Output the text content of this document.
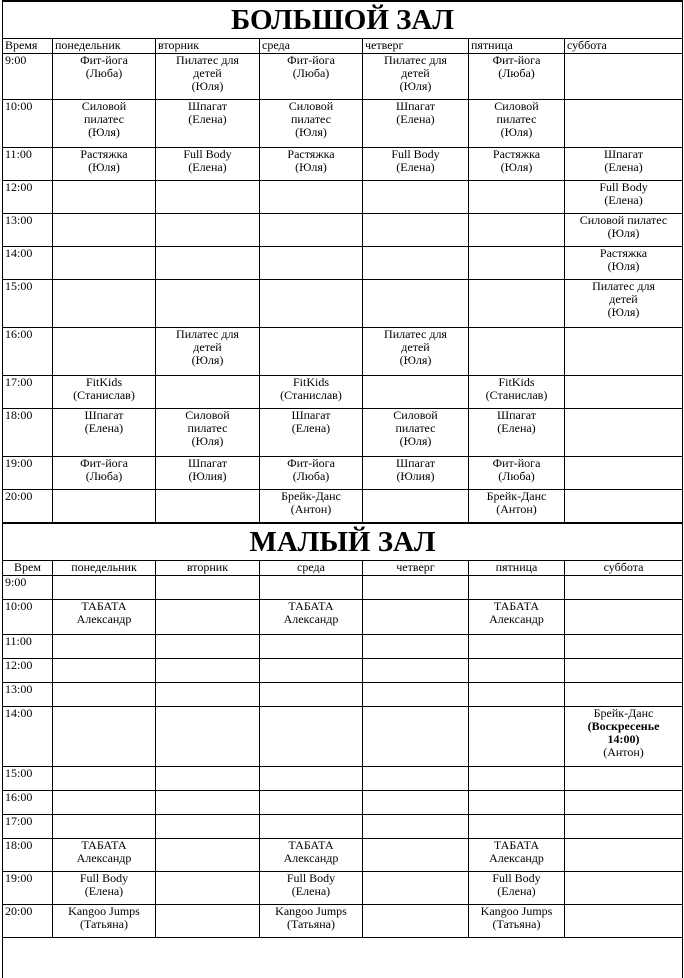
БОЛЬШОЙ ЗАЛ						
Время	понедельник	вторник	среда	четверг	пятница	суббота
9:00	Фит-йога
(Люба)	Пилатес для
детей
(Юля)	Фит-йога
(Люба)	Пилатес для
детей
(Юля)	Фит-йога
(Люба)	

10:00	Силовой
пилатес
(Юля)	Шпагат
(Елена)	Силовой
пилатес
(Юля)	Шпагат
(Елена)	Силовой
пилатес
(Юля)	

11:00	Растяжка
(Юля)	Full Body
(Елена)	Растяжка
(Юля)	Full Body
(Елена)	Растяжка
(Юля)	Шпагат
(Елена)

12:00						Full Body
(Елена)

13:00						Силовой пилатес
(Юля)

14:00						Растяжка
(Юля)

15:00						Пилатес для
детей
(Юля)

16:00		Пилатес для
детей
(Юля)		Пилатес для
детей
(Юля)		

17:00	FitKids
(Станислав)		FitKids
(Станислав)		FitKids
(Станислав)	

18:00	Шпагат
(Елена)	Силовой
пилатес
(Юля)	Шпагат
(Елена)	Силовой
пилатес
(Юля)	Шпагат
(Елена)	

19:00	Фит-йога
(Люба)	Шпагат
(Юлия)	Фит-йога
(Люба)	Шпагат
(Юлия)	Фит-йога
(Люба)	

20:00			Брейк-Данс
(Антон)		Брейк-Данс
(Антон)	

МАЛЫЙ ЗАЛ						
Врем	понедельник	вторник	среда	четверг	пятница	суббота
9:00						
10:00	ТАБАТА
Александр		ТАБАТА
Александр		ТАБАТА
Александр	

11:00						
12:00						
13:00						
14:00						Брейк-Данс
(Воскресенье
14:00)
(Антон)

15:00						
16:00						
17:00						
18:00	ТАБАТА
Александр		ТАБАТА
Александр		ТАБАТА
Александр	

19:00	Full Body
(Елена)		Full Body
(Елена)		Full Body
(Елена)	

20:00	Kangoo Jumps
(Татьяна)		Kangoo Jumps
(Татьяна)		Kangoo Jumps
(Татьяна)	
